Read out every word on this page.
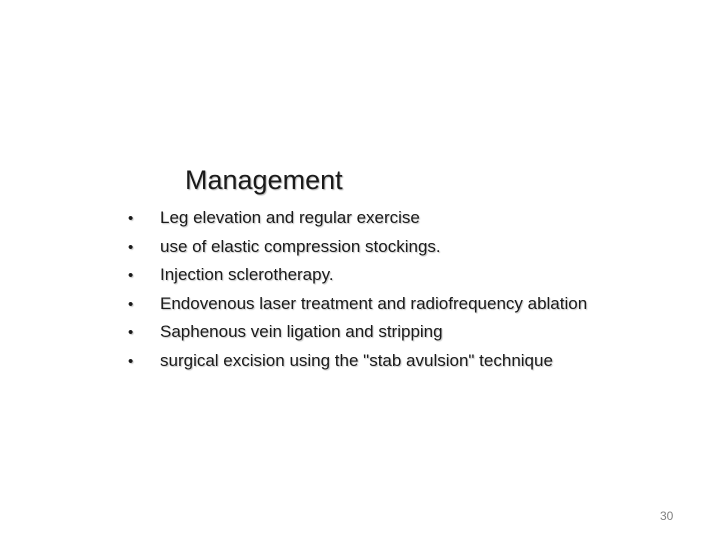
Management
•	Leg elevation and regular exercise
•	use of elastic compression stockings.
•	Injection sclerotherapy.
•	Endovenous laser treatment and radiofrequency ablation
•	Saphenous vein ligation and stripping
•	surgical excision using the "stab avulsion" technique
30
